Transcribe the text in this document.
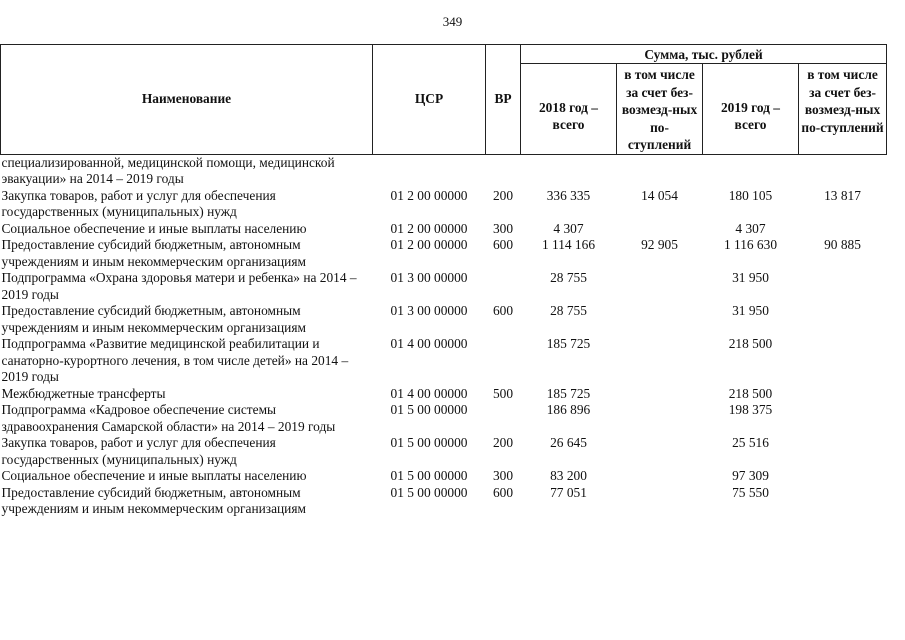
349
Наименование	ЦСР	ВР	Сумма, тыс. рублей			
			2018 год – всего	в том числе за счет без-возмезд-ных по-ступлений	2019 год – всего	в том числе за счет без-возмезд-ных по-ступлений
специализированной, медицинской помощи, медицинской эвакуации» на 2014 – 2019 годы						
Закупка товаров, работ и услуг для обеспечения государственных (муниципальных) нужд	01 2 00 00000	200	336 335	14 054	180 105	13 817
Социальное обеспечение и иные выплаты населению	01 2 00 00000	300	4 307		4 307	
Предоставление субсидий бюджетным, автономным учреждениям и иным некоммерческим организациям	01 2 00 00000	600	1 114 166	92 905	1 116 630	90 885
Подпрограмма «Охрана здоровья матери и ребенка» на 2014 – 2019 годы	01 3 00 00000		28 755		31 950	
Предоставление субсидий бюджетным, автономным учреждениям и иным некоммерческим организациям	01 3 00 00000	600	28 755		31 950	
Подпрограмма «Развитие медицинской реабилитации и санаторно-курортного лечения, в том числе детей» на 2014 – 2019 годы	01 4 00 00000		185 725		218 500	
Межбюджетные трансферты	01 4 00 00000	500	185 725		218 500	
Подпрограмма «Кадровое обеспечение системы здравоохранения Самарской области» на 2014 – 2019 годы	01 5 00 00000		186 896		198 375	
Закупка товаров, работ и услуг для обеспечения государственных (муниципальных) нужд	01 5 00 00000	200	26 645		25 516	
Социальное обеспечение и иные выплаты населению	01 5 00 00000	300	83 200		97 309	
Предоставление субсидий бюджетным, автономным учреждениям и иным некоммерческим организациям	01 5 00 00000	600	77 051		75 550	
